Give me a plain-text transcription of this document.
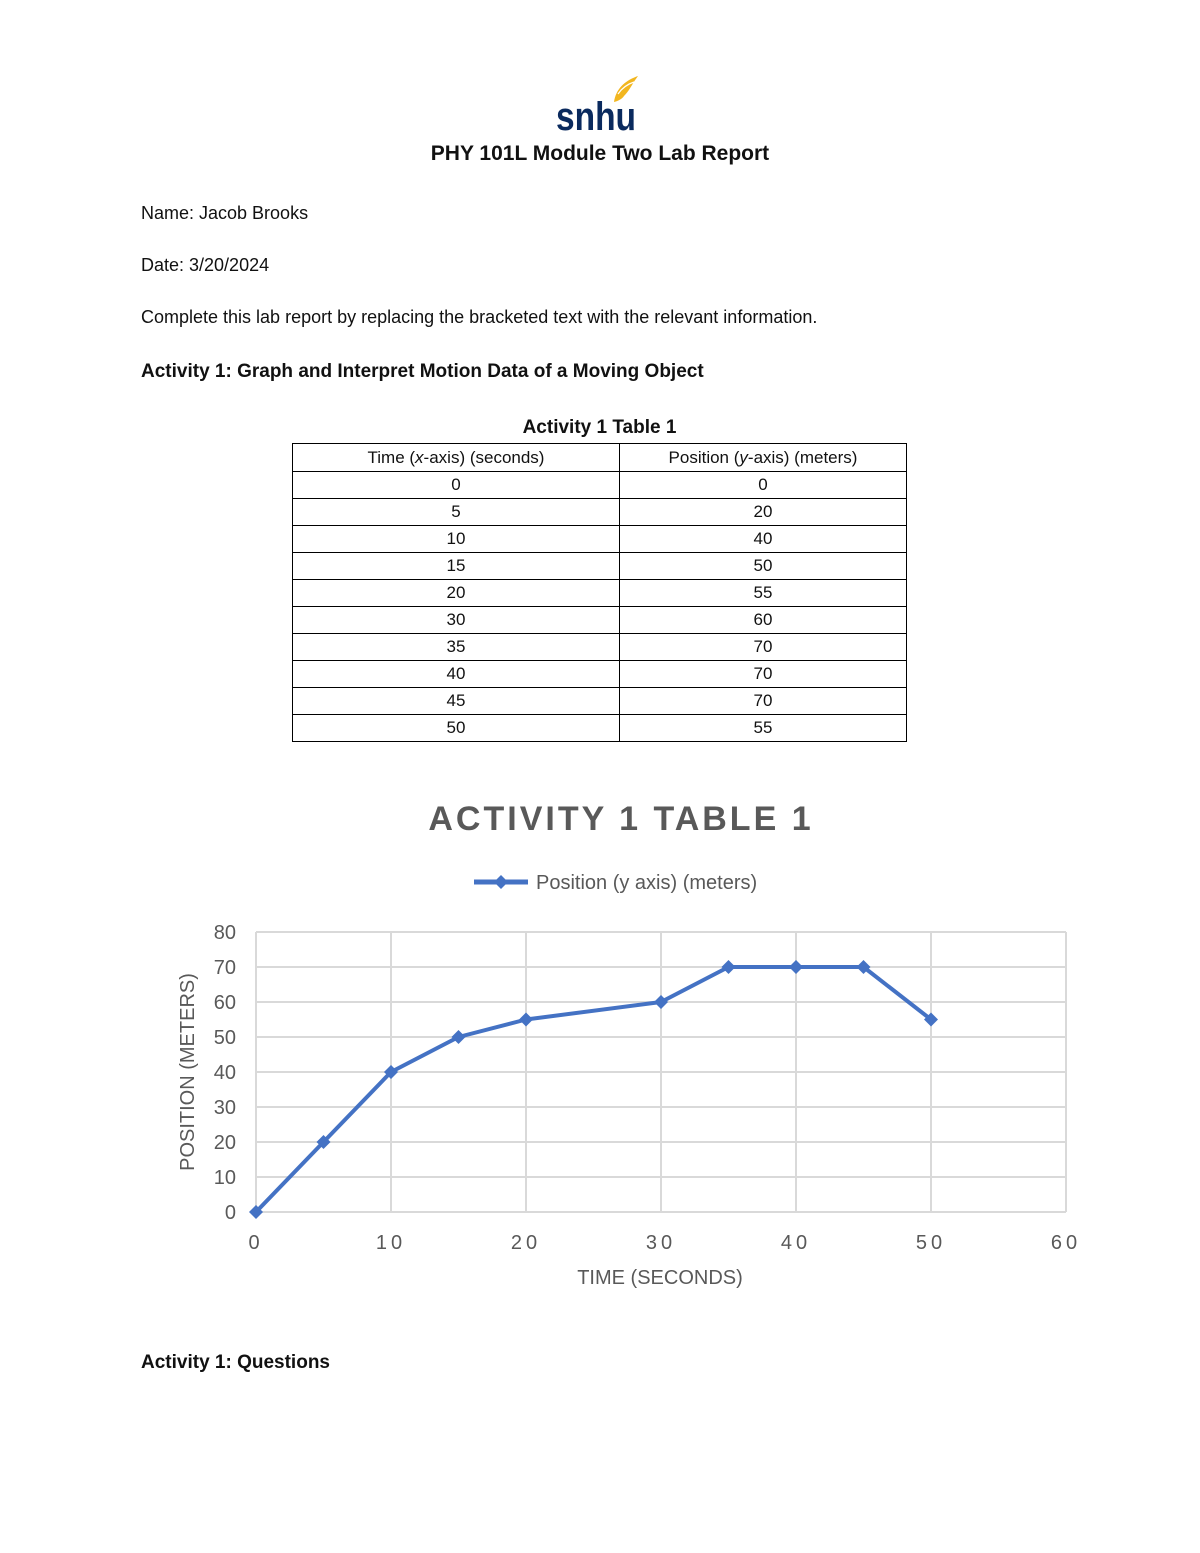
snhu
PHY 101L Module Two Lab Report
Name: Jacob Brooks
Date: 3/20/2024
Complete this lab report by replacing the bracketed text with the relevant information.
Activity 1: Graph and Interpret Motion Data of a Moving Object
Activity 1 Table 1
Time (x-axis) (seconds)	Position (y-axis) (meters)
0	0
5	20
10	40
15	50
20	55
30	60
35	70
40	70
45	70
50	55
ACTIVITY 1 TABLE 1
Position (y axis) (meters)
0
10
20
30
40
50
60
70
80
0	10	20	30	40	50	60
TIME (SECONDS)
POSITION (METERS)
Activity 1: Questions
